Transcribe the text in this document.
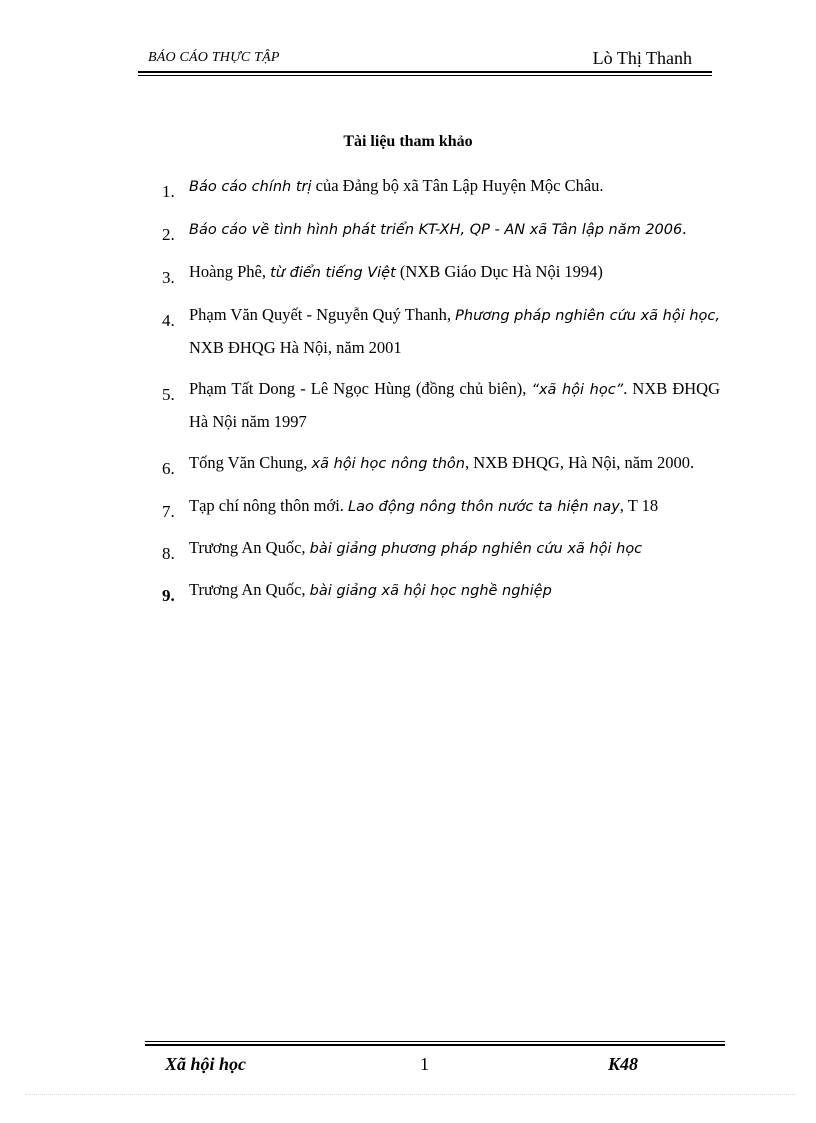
BÁO CÁO THỰC TẬP	Lò Thị Thanh
Tài liệu tham khảo
1. Báo cáo chính trị của Đảng bộ xã Tân Lập Huyện Mộc Châu.
2. Báo cáo về tình hình phát triển KT-XH, QP - AN xã Tân lập năm 2006.
3. Hoàng Phê, từ điển tiếng Việt (NXB Giáo Dục Hà Nội 1994)
4. Phạm Văn Quyết - Nguyễn Quý Thanh, Phương pháp nghiên cứu xã hội học, NXB ĐHQG Hà Nội, năm 2001
5. Phạm Tất Dong - Lê Ngọc Hùng (đồng chủ biên), “xã hội học”. NXB ĐHQG Hà Nội năm 1997
6. Tống Văn Chung, xã hội học nông thôn, NXB ĐHQG, Hà Nội, năm 2000.
7. Tạp chí nông thôn mới. Lao động nông thôn nước ta hiện nay, T 18
8. Trương An Quốc, bài giảng phương pháp nghiên cứu xã hội học
9. Trương An Quốc, bài giảng xã hội học nghề nghiệp
Xã hội học	1	K48
